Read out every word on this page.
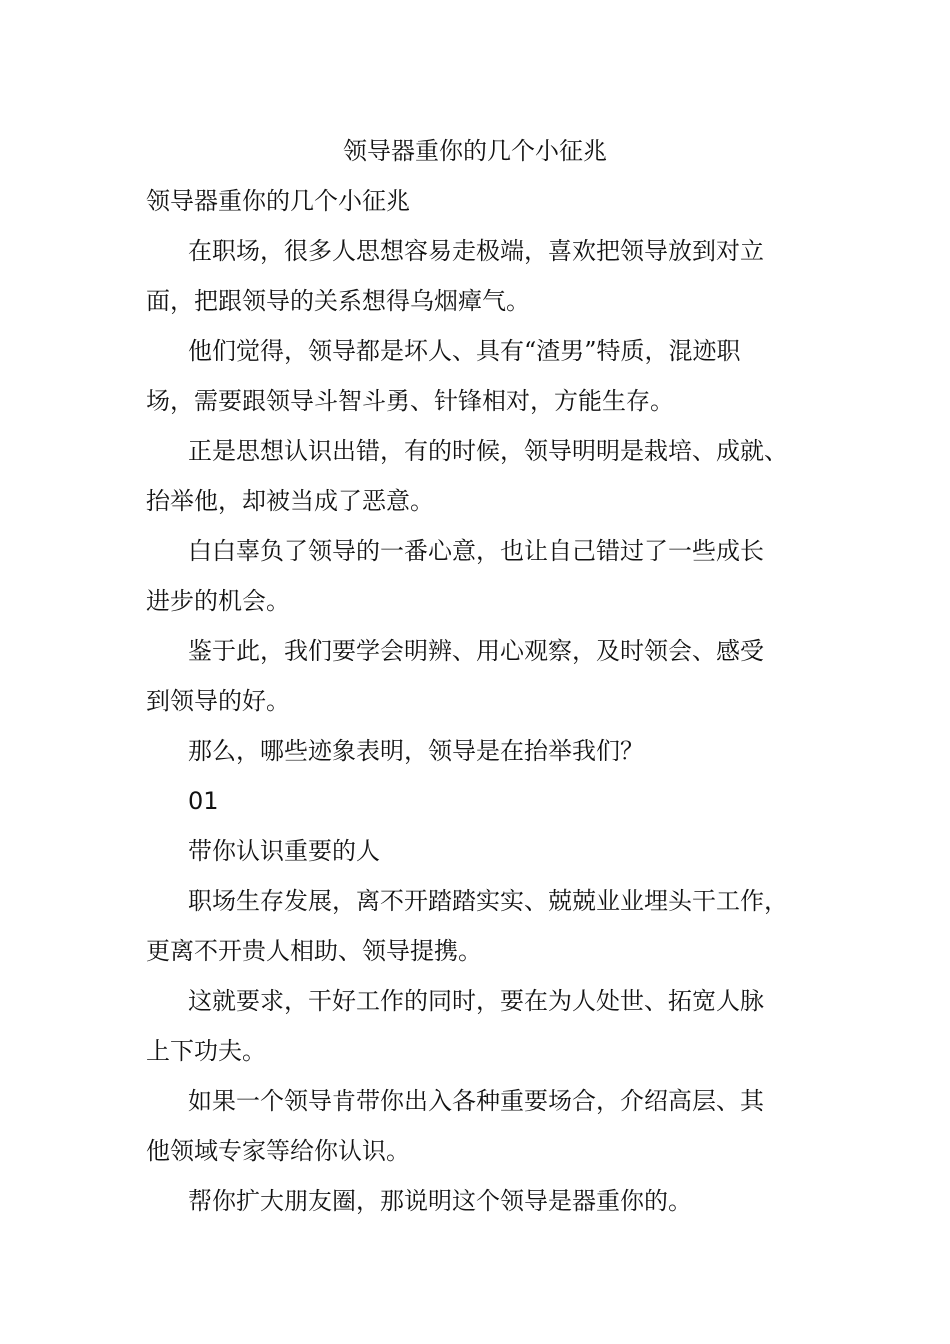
领导器重你的几个小征兆
领导器重你的几个小征兆
在职场，很多人思想容易走极端，喜欢把领导放到对立
面，把跟领导的关系想得乌烟瘴气。
他们觉得，领导都是坏人、具有“渣男”特质，混迹职
场，需要跟领导斗智斗勇、针锋相对，方能生存。
正是思想认识出错，有的时候，领导明明是栽培、成就、
抬举他，却被当成了恶意。
白白辜负了领导的一番心意，也让自己错过了一些成长
进步的机会。
鉴于此，我们要学会明辨、用心观察，及时领会、感受
到领导的好。
那么，哪些迹象表明，领导是在抬举我们？
01
带你认识重要的人
职场生存发展，离不开踏踏实实、兢兢业业埋头干工作，
更离不开贵人相助、领导提携。
这就要求，干好工作的同时，要在为人处世、拓宽人脉
上下功夫。
如果一个领导肯带你出入各种重要场合，介绍高层、其
他领域专家等给你认识。
帮你扩大朋友圈，那说明这个领导是器重你的。
